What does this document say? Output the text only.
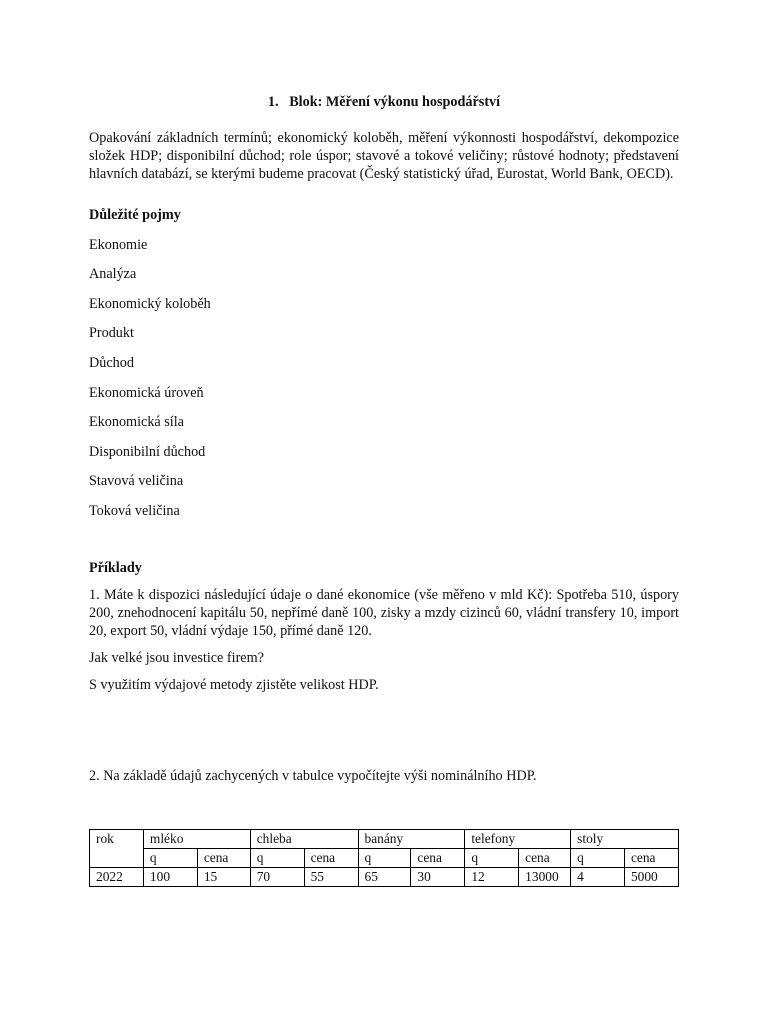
1.   Blok: Měření výkonu hospodářství

Opakování základních termínů; ekonomický koloběh, měření výkonnosti hospodářství, dekompozice složek HDP; disponibilní důchod; role úspor; stavové a tokové veličiny; růstové hodnoty; představení hlavních databází, se kterými budeme pracovat (Český statistický úřad, Eurostat, World Bank, OECD).

Důležité pojmy

Ekonomie
Analýza
Ekonomický koloběh
Produkt
Důchod
Ekonomická úroveň
Ekonomická síla
Disponibilní důchod
Stavová veličina
Toková veličina

Příklady

1. Máte k dispozici následující údaje o dané ekonomice (vše měřeno v mld Kč): Spotřeba 510, úspory 200, znehodnocení kapitálu 50, nepřímé daně 100, zisky a mzdy cizinců 60, vládní transfery 10, import 20, export 50, vládní výdaje 150, přímé daně 120.

Jak velké jsou investice firem?

S využitím výdajové metody zjistěte velikost HDP.

2. Na základě údajů zachycených v tabulce vypočítejte výši nominálního HDP.

rok	mléko		chleba		banány		telefony		stoly	
	q	cena	q	cena	q	cena	q	cena	q	cena
2022	100	15	70	55	65	30	12	13000	4	5000
